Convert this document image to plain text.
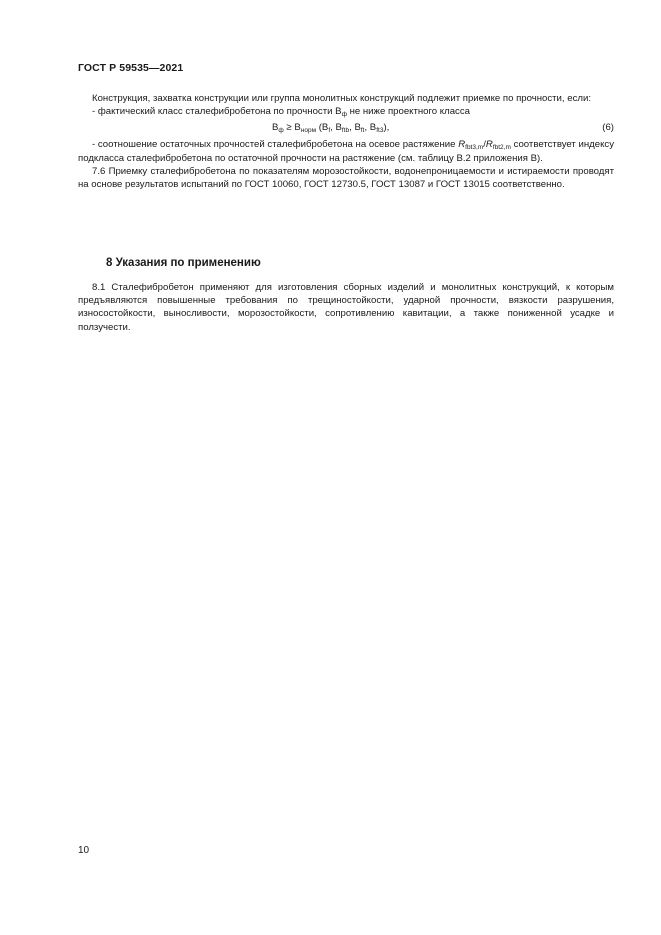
ГОСТ Р 59535—2021

Конструкция, захватка конструкции или группа монолитных конструкций подлежит приемке по прочности, если:

- фактический класс сталефибробетона по прочности $B_ф$ не ниже проектного класса

$B_ф \ge B_{норм}$ ($B_f$, $B_{ftb}$, $B_{ft}$, $B_{ft3}$),	(6)

- соотношение остаточных прочностей сталефибробетона на осевое растяжение $R_{fbt3,m}/R_{fbt2,m}$ соответствует индексу подкласса сталефибробетона по остаточной прочности на растяжение (см. таблицу В.2 приложения В).

7.6 Приемку сталефибробетона по показателям морозостойкости, водонепроницаемости и истираемости проводят на основе результатов испытаний по ГОСТ 10060, ГОСТ 12730.5, ГОСТ 13087 и ГОСТ 13015 соответственно.

8 Указания по применению

8.1 Сталефибробетон применяют для изготовления сборных изделий и монолитных конструкций, к которым предъявляются повышенные требования по трещиностойкости, ударной прочности, вязкости разрушения, износостойкости, выносливости, морозостойкости, сопротивлению кавитации, а также пониженной усадке и ползучести.

10
